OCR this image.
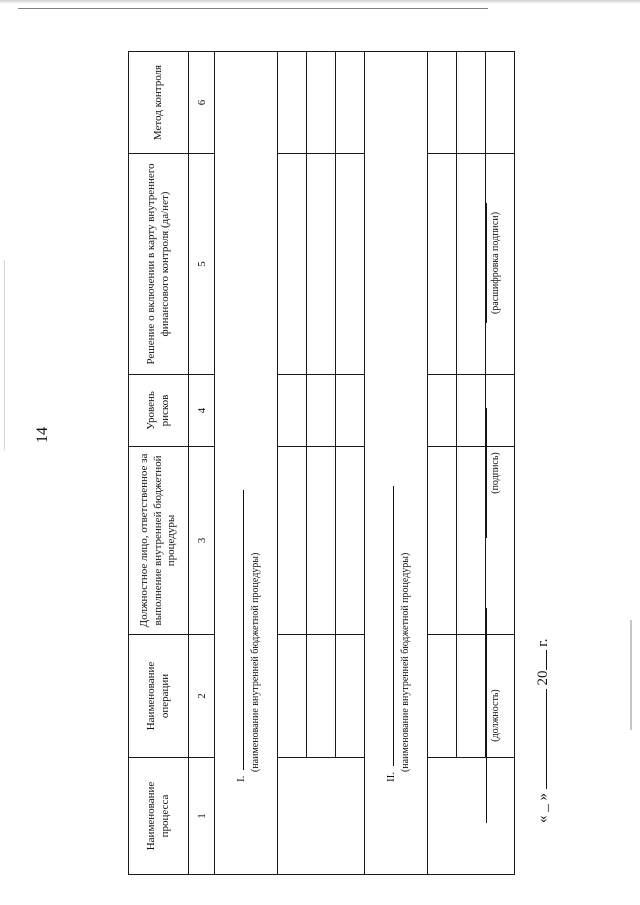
14
Наименование процесса	Наименование операции	Должностное лицо, ответственное за выполнение внутренней бюджетной процедуры	Уровень рисков	Решение о включении в карту внутреннего финансового контроля (да/нет)	Метод контроля
1	2	3	4	5	6
I.
(наименование внутренней бюджетной процедуры)					

II.
(наименование внутренней бюджетной процедуры)					

					(должность)
(подпись)
(расшифровка подписи)
« _ »  20 г.
